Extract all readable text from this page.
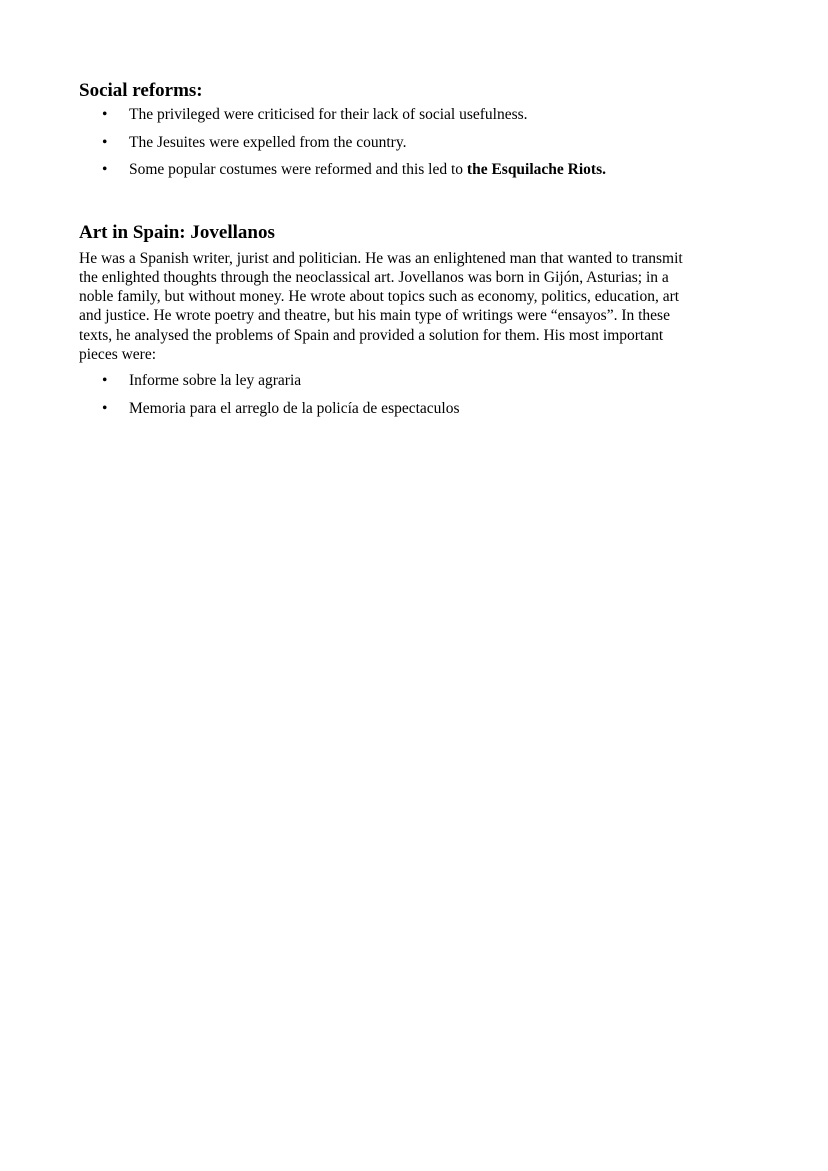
Social reforms:
• The privileged were criticised for their lack of social usefulness.
• The Jesuites were expelled from the country.
• Some popular costumes were reformed and this led to the Esquilache Riots.
Art in Spain: Jovellanos

He was a Spanish writer, jurist and politician. He was an enlightened man that wanted to transmit
the enlighted thoughts through the neoclassical art. Jovellanos was born in Gijón, Asturias; in a
noble family, but without money. He wrote about topics such as economy, politics, education, art
and justice. He wrote poetry and theatre, but his main type of writings were “ensayos”. In these
texts, he analysed the problems of Spain and provided a solution for them. His most important
pieces were:

• Informe sobre la ley agraria
• Memoria para el arreglo de la policía de espectaculos
